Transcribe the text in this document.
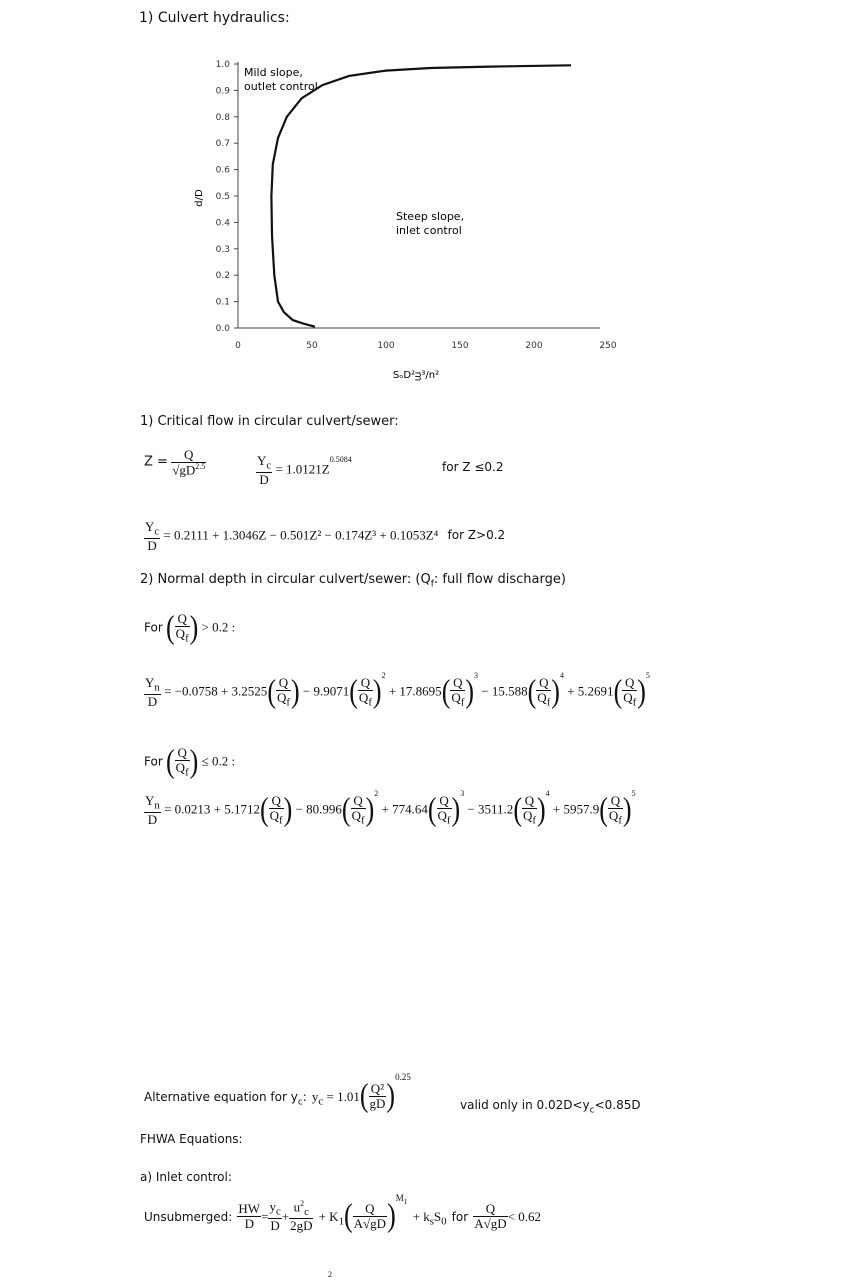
1) Culvert hydraulics:
0.0
0.1
0.2
0.3
0.4
0.5
0.6
0.7
0.8
0.9
1.0
0	50	100	150	200	250
d/D
SₒD²ᴟ³/n²
Mild slope,
outlet control
Steep slope,
inlet control
1) Critical flow in circular culvert/sewer:
$Z = \frac{Q}{√gD^{2.5}}$	$\frac{Y_c}{D} = 1.0121Z^{0.5084}$
for Z ≤0.2
$\frac{Y_c}{D} = 0.2111 + 1.3046Z - 0.501Z^2 - 0.174Z^3 + 0.1053Z^4$ for Z>0.2
2) Normal depth in circular culvert/sewer: ($Q_f$: full flow discharge)
For ( $\frac{Q}{Q_f}$ ) > 0.2 :
$\frac{Y_n}{D} = -0.0758 + 3.2525( \frac{Q}{Q_f}$ ) − $9.9071( \frac{Q}{Q_f} )^2 + 17.8695( \frac{Q}{Q_f} )^3 - 15.588( \frac{Q}{Q_f} )^4 + 5.2691( \frac{Q}{Q_f} )^5$
For ( $\frac{Q}{Q_f}$ ) ≤ 0.2 :
$\frac{Y_n}{D} = 0.0213 + 5.1712( \frac{Q}{Q_f}$ ) − $80.996( \frac{Q}{Q_f} )^2 + 774.64( \frac{Q}{Q_f} )^3 - 3511.2( \frac{Q}{Q_f} )^4 + 5957.9( \frac{Q}{Q_f} )^5$
Alternative equation for $y_c$: $y_c = 1.01( \frac{\text{Q²}}{gD} )^{0.25}$
valid only in $0.02D<y_c<0.85D$
FHWA Equations:
a) Inlet control:
Unsubmerged: $\frac{HW}{D} = \frac{y_c}{D} + \frac{u^2_c}{2gD} + K_1( \frac{Q}{A√gD} )^{M_1} + k_sS_0$ for $\frac{Q}{A√gD} < 0.62$
2
